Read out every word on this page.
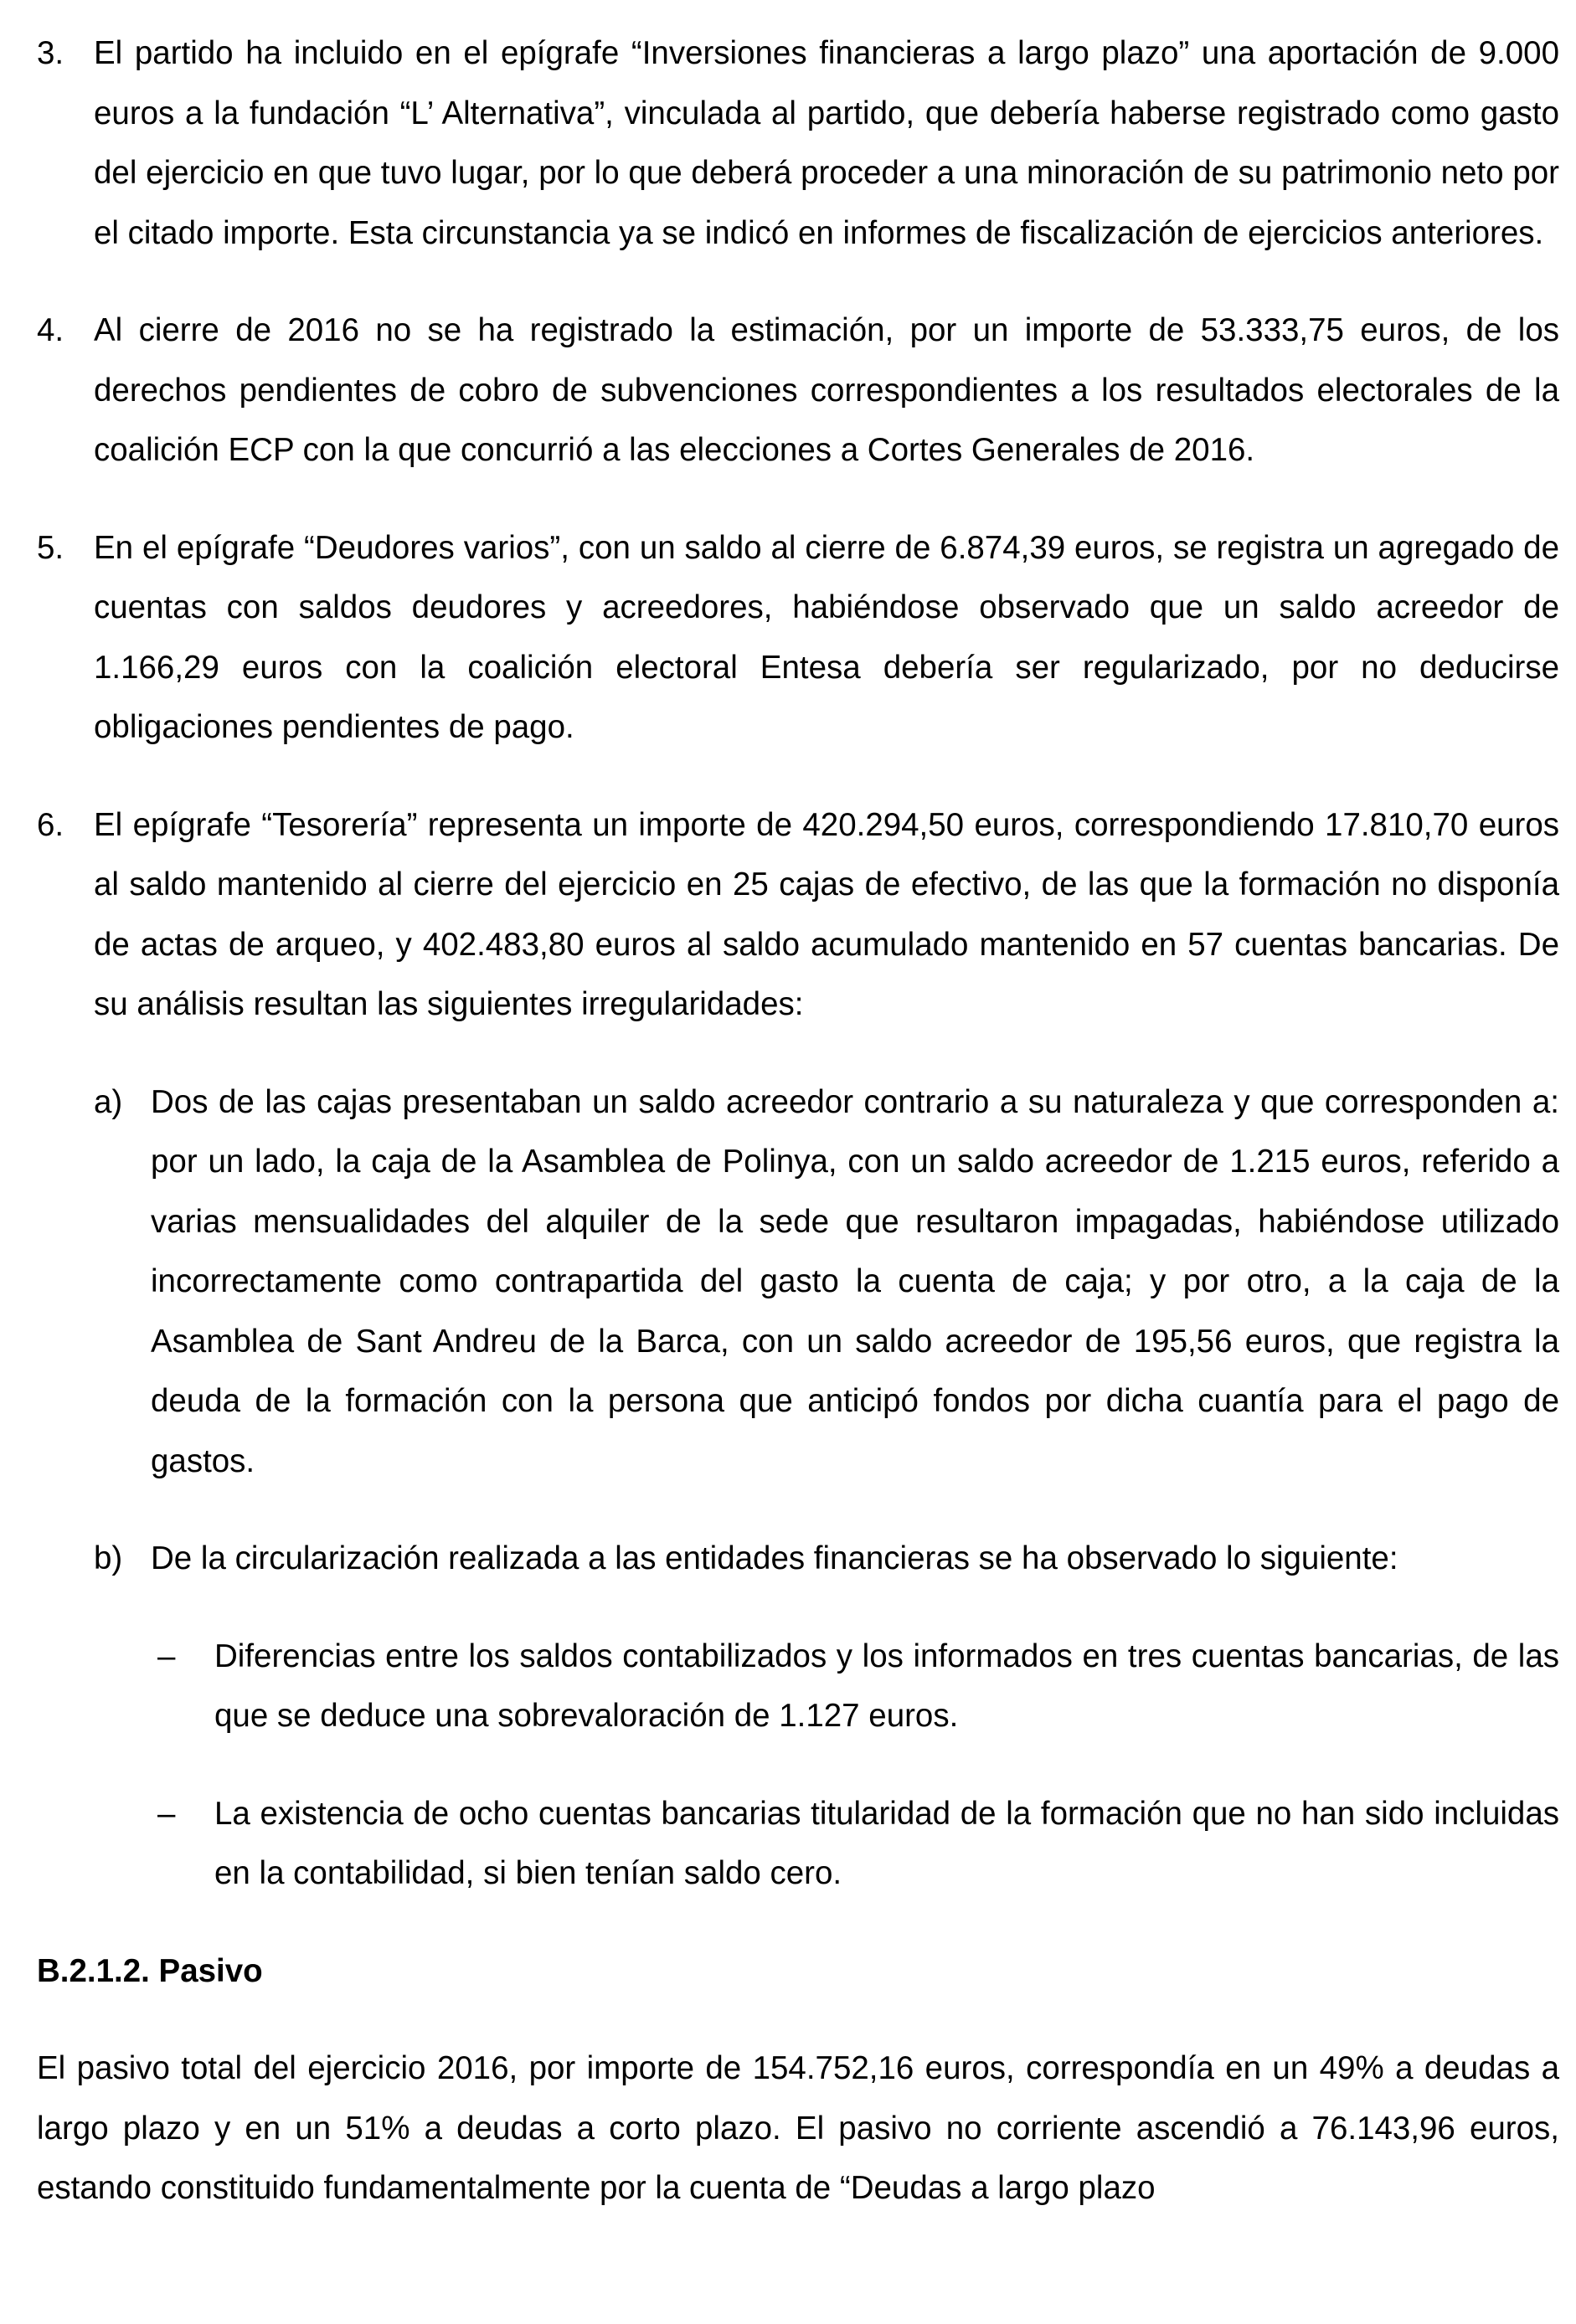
3. El partido ha incluido en el epígrafe “Inversiones financieras a largo plazo” una aportación de 9.000 euros a la fundación “L’ Alternativa”, vinculada al partido, que debería haberse registrado como gasto del ejercicio en que tuvo lugar, por lo que deberá proceder a una minoración de su patrimonio neto por el citado importe. Esta circunstancia ya se indicó en informes de fiscalización de ejercicios anteriores.
4. Al cierre de 2016 no se ha registrado la estimación, por un importe de 53.333,75 euros, de los derechos pendientes de cobro de subvenciones correspondientes a los resultados electorales de la coalición ECP con la que concurrió a las elecciones a Cortes Generales de 2016.
5. En el epígrafe “Deudores varios”, con un saldo al cierre de 6.874,39 euros, se registra un agregado de cuentas con saldos deudores y acreedores, habiéndose observado que un saldo acreedor de 1.166,29 euros con la coalición electoral Entesa debería ser regularizado, por no deducirse obligaciones pendientes de pago.
6. El epígrafe “Tesorería” representa un importe de 420.294,50 euros, correspondiendo 17.810,70 euros al saldo mantenido al cierre del ejercicio en 25 cajas de efectivo, de las que la formación no disponía de actas de arqueo, y 402.483,80 euros al saldo acumulado mantenido en 57 cuentas bancarias. De su análisis resultan las siguientes irregularidades:
a) Dos de las cajas presentaban un saldo acreedor contrario a su naturaleza y que corresponden a: por un lado, la caja de la Asamblea de Polinya, con un saldo acreedor de 1.215 euros, referido a varias mensualidades del alquiler de la sede que resultaron impagadas, habiéndose utilizado incorrectamente como contrapartida del gasto la cuenta de caja; y por otro, a la caja de la Asamblea de Sant Andreu de la Barca, con un saldo acreedor de 195,56 euros, que registra la deuda de la formación con la persona que anticipó fondos por dicha cuantía para el pago de gastos.
b) De la circularización realizada a las entidades financieras se ha observado lo siguiente:
– Diferencias entre los saldos contabilizados y los informados en tres cuentas bancarias, de las que se deduce una sobrevaloración de 1.127 euros.
– La existencia de ocho cuentas bancarias titularidad de la formación que no han sido incluidas en la contabilidad, si bien tenían saldo cero.
B.2.1.2. Pasivo

El pasivo total del ejercicio 2016, por importe de 154.752,16 euros, correspondía en un 49% a deudas a largo plazo y en un 51% a deudas a corto plazo. El pasivo no corriente ascendió a 76.143,96 euros, estando constituido fundamentalmente por la cuenta de “Deudas a largo plazo
